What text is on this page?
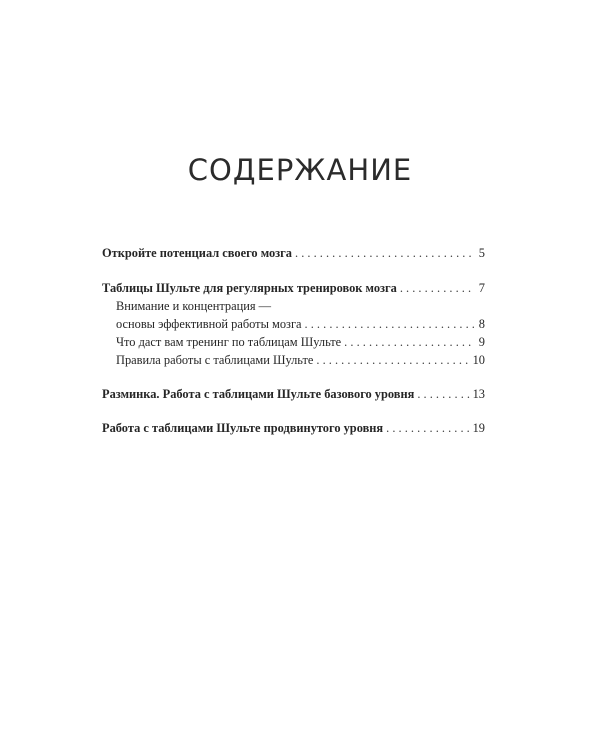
СОДЕРЖАНИЕ
Откройте потенциал своего мозга . . .	5
Таблицы Шульте для регулярных тренировок мозга . . .	7
Внимание и концентрация —
основы эффективной работы мозга . . .	8
Что даст вам тренинг по таблицам Шульте . . .	9
Правила работы с таблицами Шульте . . .	10
Разминка. Работа с таблицами Шульте базового уровня . . .	13
Работа с таблицами Шульте продвинутого уровня . . .	19
